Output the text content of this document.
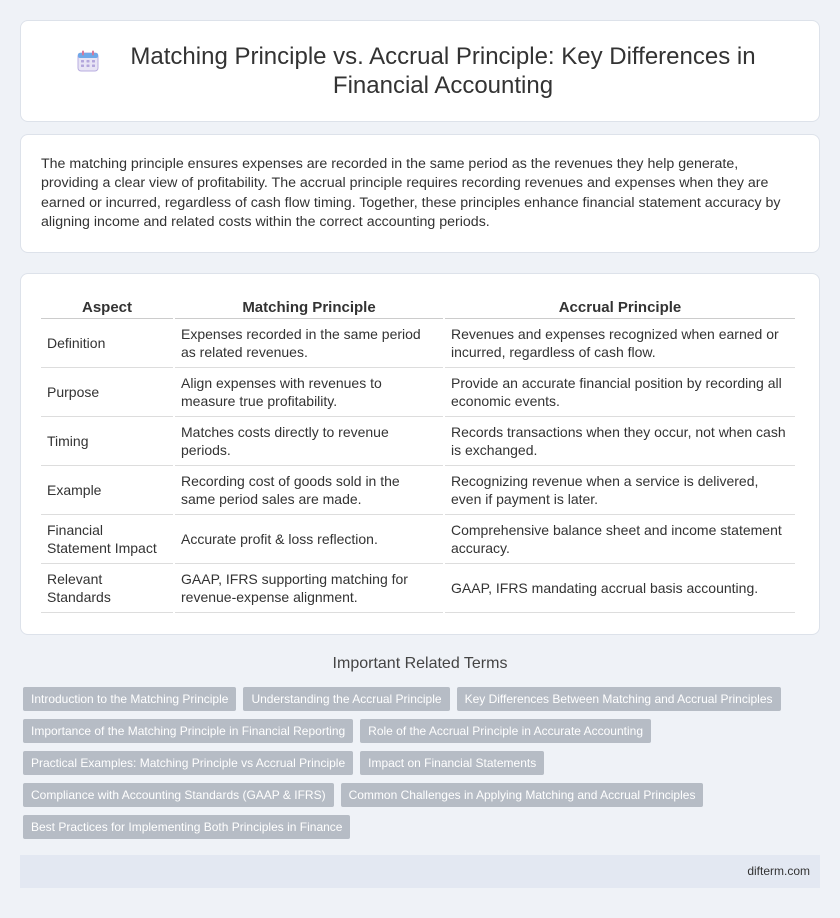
Matching Principle vs. Accrual Principle: Key Differences in Financial Accounting

The matching principle ensures expenses are recorded in the same period as the revenues they help generate, providing a clear view of profitability. The accrual principle requires recording revenues and expenses when they are earned or incurred, regardless of cash flow timing. Together, these principles enhance financial statement accuracy by aligning income and related costs within the correct accounting periods.

Aspect	Matching Principle	Accrual Principle
Definition	Expenses recorded in the same period as related revenues.	Revenues and expenses recognized when earned or incurred, regardless of cash flow.
Purpose	Align expenses with revenues to measure true profitability.	Provide an accurate financial position by recording all economic events.
Timing	Matches costs directly to revenue periods.	Records transactions when they occur, not when cash is exchanged.
Example	Recording cost of goods sold in the same period sales are made.	Recognizing revenue when a service is delivered, even if payment is later.
Financial Statement Impact	Accurate profit & loss reflection.	Comprehensive balance sheet and income statement accuracy.
Relevant Standards	GAAP, IFRS supporting matching for revenue-expense alignment.	GAAP, IFRS mandating accrual basis accounting.
Important Related Terms
Introduction to the Matching Principle	Understanding the Accrual Principle	Key Differences Between Matching and Accrual Principles
Importance of the Matching Principle in Financial Reporting	Role of the Accrual Principle in Accurate Accounting
Practical Examples: Matching Principle vs Accrual Principle	Impact on Financial Statements
Compliance with Accounting Standards (GAAP & IFRS)	Common Challenges in Applying Matching and Accrual Principles
Best Practices for Implementing Both Principles in Finance
difterm.com
